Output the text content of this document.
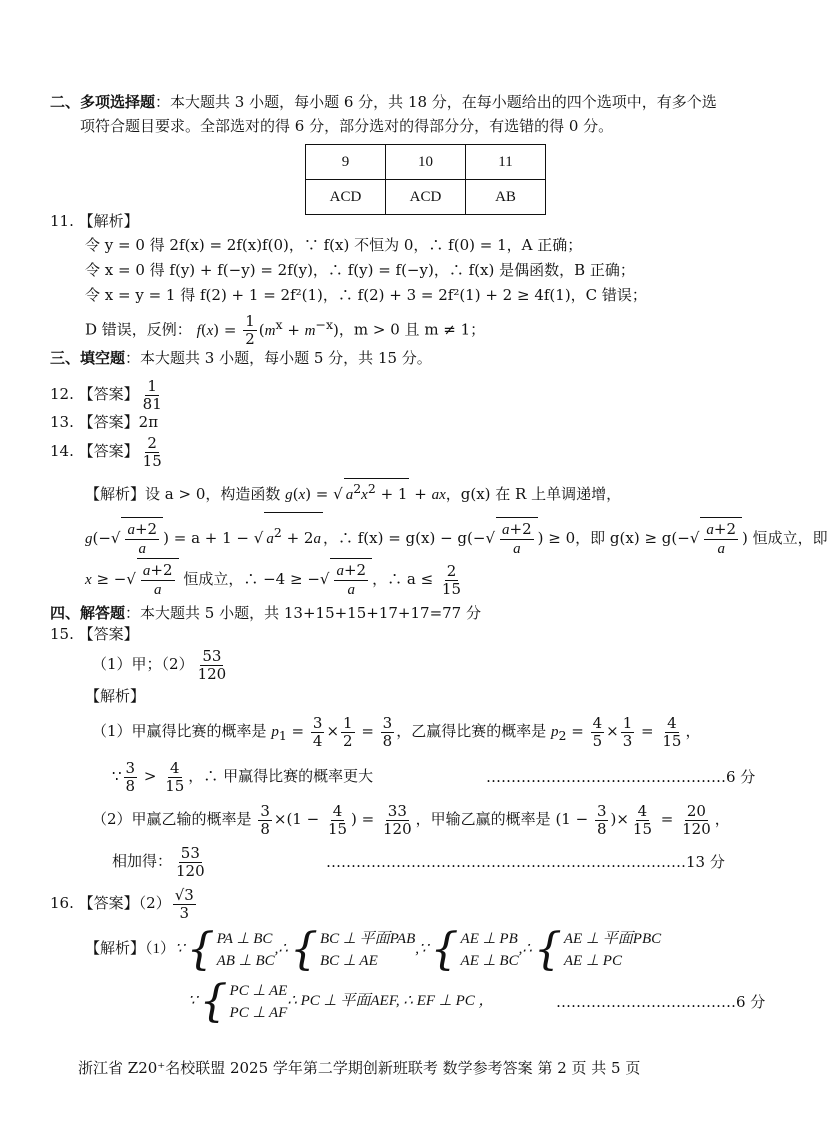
二、多项选择题：本大题共 3 小题，每小题 6 分，共 18 分，在每小题给出的四个选项中，有多个选
项符合题目要求。全部选对的得 6 分，部分选对的得部分分，有选错的得 0 分。
9	10	11
ACD	ACD	AB
11. 【解析】
令 y = 0 得 2f(x) = 2f(x)f(0)，∵ f(x) 不恒为 0，∴ f(0) = 1，A 正确；
令 x = 0 得 f(y) + f(−y) = 2f(y)，∴ f(y) = f(−y)，∴ f(x) 是偶函数，B 正确；
令 x = y = 1 得 f(2) + 1 = 2f²(1)，∴ f(2) + 3 = 2f²(1) + 2 ≥ 4f(1)，C 错误；
D 错误，反例： $f(x) = \frac{1}{2} (m^x + m^{-x})$，m > 0 且 m ≠ 1；
三、填空题：本大题共 3 小题，每小题 5 分，共 15 分。
12. 【答案】 $\frac{1}{81}$
13. 【答案】2π
14. 【答案】 $\frac{2}{15}$
【解析】设 a > 0，构造函数 g(x) = √ $a^2x^2 + 1$ + ax，g(x) 在 R 上单调递增，
$g(-√ \frac{a+2}{a}$ ) = a + 1 − √ $a^2 + 2a$ ，∴ $f(x) = g(x) - g(-√ \frac{a+2}{a}$ ) ≥ 0，即 $g(x) \ge g(-√ \frac{a+2}{a}$ ) 恒成立，即
x ≥ −√ $\frac{a+2}{a}$ 恒成立，∴ −4 ≥ −√ $\frac{a+2}{a}$ ，∴ $a \le \frac{2}{15}$
四、解答题：本大题共 5 小题，共 13+15+15+17+17=77 分
15. 【答案】
（1）甲；$(2) \frac{53}{120}$
【解析】
（1）甲赢得比赛的概率是 $p_1 = \frac{3}{4} \times \frac{1}{2} = \frac{3}{8}$ ，乙赢得比赛的概率是 $p_2 = \frac{4}{5} \times \frac{1}{3} = \frac{4}{15}$ ，
∵ $\frac{3}{8} > \frac{4}{15}$ ，∴ 甲赢得比赛的概率更大	…………………………………………6 分
（2）甲赢乙输的概率是 $\frac{3}{8} \times(1 - \frac{4}{15}$ ) = $\frac{33}{120}$ ，甲输乙赢的概率是 ($1 - \frac{3}{8}$ )× $\frac{4}{15} = \frac{20}{120}$ ，
相加得： $\frac{53}{120}$	………………………………………………………………13 分
16. 【答案】$(2) \frac{√3}{3}$
【解析】（1）∵{ PA ⊥ BC
AB ⊥ BC
,∴{ BC ⊥ 平面PAB
BC ⊥ AE
,∵{ AE ⊥ PB
AE ⊥ BC
,∴{ AE ⊥ 平面PBC
AE ⊥ PC
∵{ PC ⊥ AE
PC ⊥ AF
∴ PC ⊥ 平面AEF, ∴ EF ⊥ PC ，	………………………………6 分
浙江省 Z20⁺名校联盟 2025 学年第二学期创新班联考 数学参考答案 第 2 页 共 5 页
